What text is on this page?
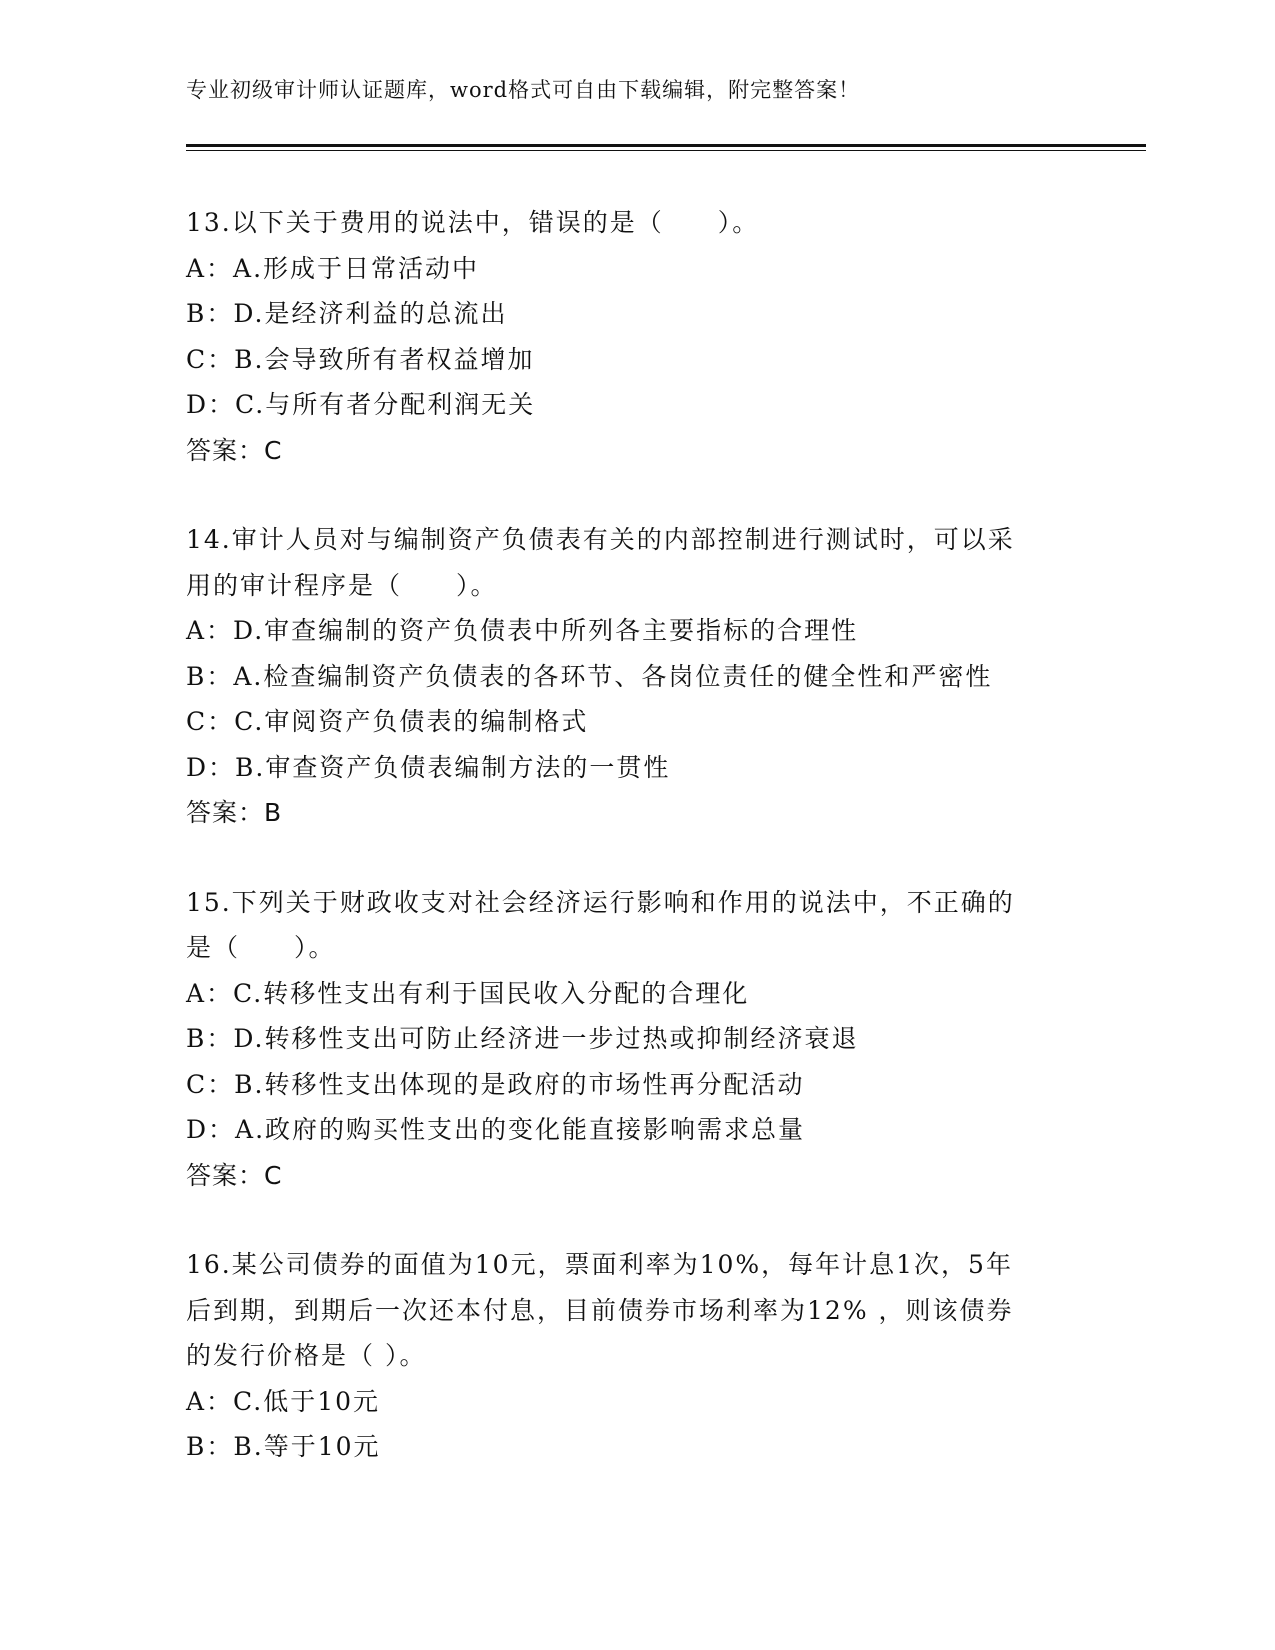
专业初级审计师认证题库，word格式可自由下载编辑，附完整答案！
13.以下关于费用的说法中，错误的是（　　）。
A：A.形成于日常活动中
B：D.是经济利益的总流出
C：B.会导致所有者权益增加
D：C.与所有者分配利润无关
答案：C
14.审计人员对与编制资产负债表有关的内部控制进行测试时，可以采
用的审计程序是（　　）。
A：D.审查编制的资产负债表中所列各主要指标的合理性
B：A.检查编制资产负债表的各环节、各岗位责任的健全性和严密性
C：C.审阅资产负债表的编制格式
D：B.审查资产负债表编制方法的一贯性
答案：B
15.下列关于财政收支对社会经济运行影响和作用的说法中，不正确的
是（　　）。
A：C.转移性支出有利于国民收入分配的合理化
B：D.转移性支出可防止经济进一步过热或抑制经济衰退
C：B.转移性支出体现的是政府的市场性再分配活动
D：A.政府的购买性支出的变化能直接影响需求总量
答案：C
16.某公司债券的面值为10元，票面利率为10%，每年计息1次，5年
后到期，到期后一次还本付息，目前债券市场利率为12% ，则该债券
的发行价格是（ ）。
A：C.低于10元
B：B.等于10元
